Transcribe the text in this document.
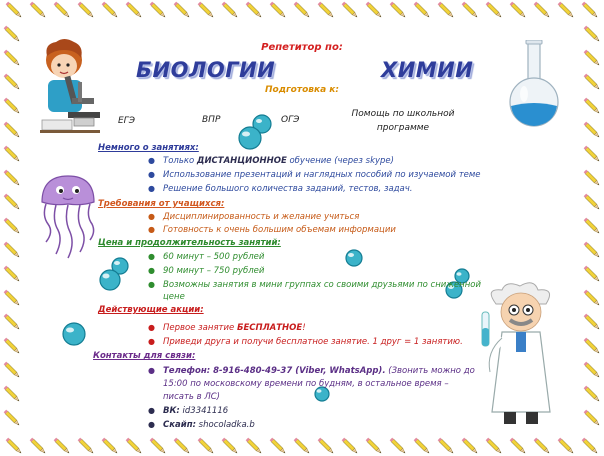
Репетитор по:
БИОЛОГИИ	ХИМИИ
Подготовка к:
ЕГЭ	ВПР	ОГЭ
Помощь по школьной программе
Немного о занятиях:
● Только ДИСТАНЦИОННОЕ обучение (через skype)
● Использование презентаций и наглядных пособий по изучаемой теме
● Решение большого количества заданий, тестов, задач.
Требования от учащихся:
● Дисциплинированность и желание учиться
● Готовность к очень большим объемам информации
Цена и продолжительность занятий:
● 60 минут – 500 рублей
● 90 минут – 750 рублей
● Возможны занятия в мини группах со своими друзьями по сниженной
цене
Действующие акции:
● Первое занятие БЕСПЛАТНОЕ!
● Приведи друга и получи бесплатное занятие. 1 друг = 1 занятию.
Контакты для связи:
● Телефон: 8-916-480-49-37 (Viber, WhatsApp). (Звонить можно до
15:00 по московскому времени по будням, в остальное время –
писать в ЛС)
● ВК: id3341116
● Скайп: shocoladka.b
